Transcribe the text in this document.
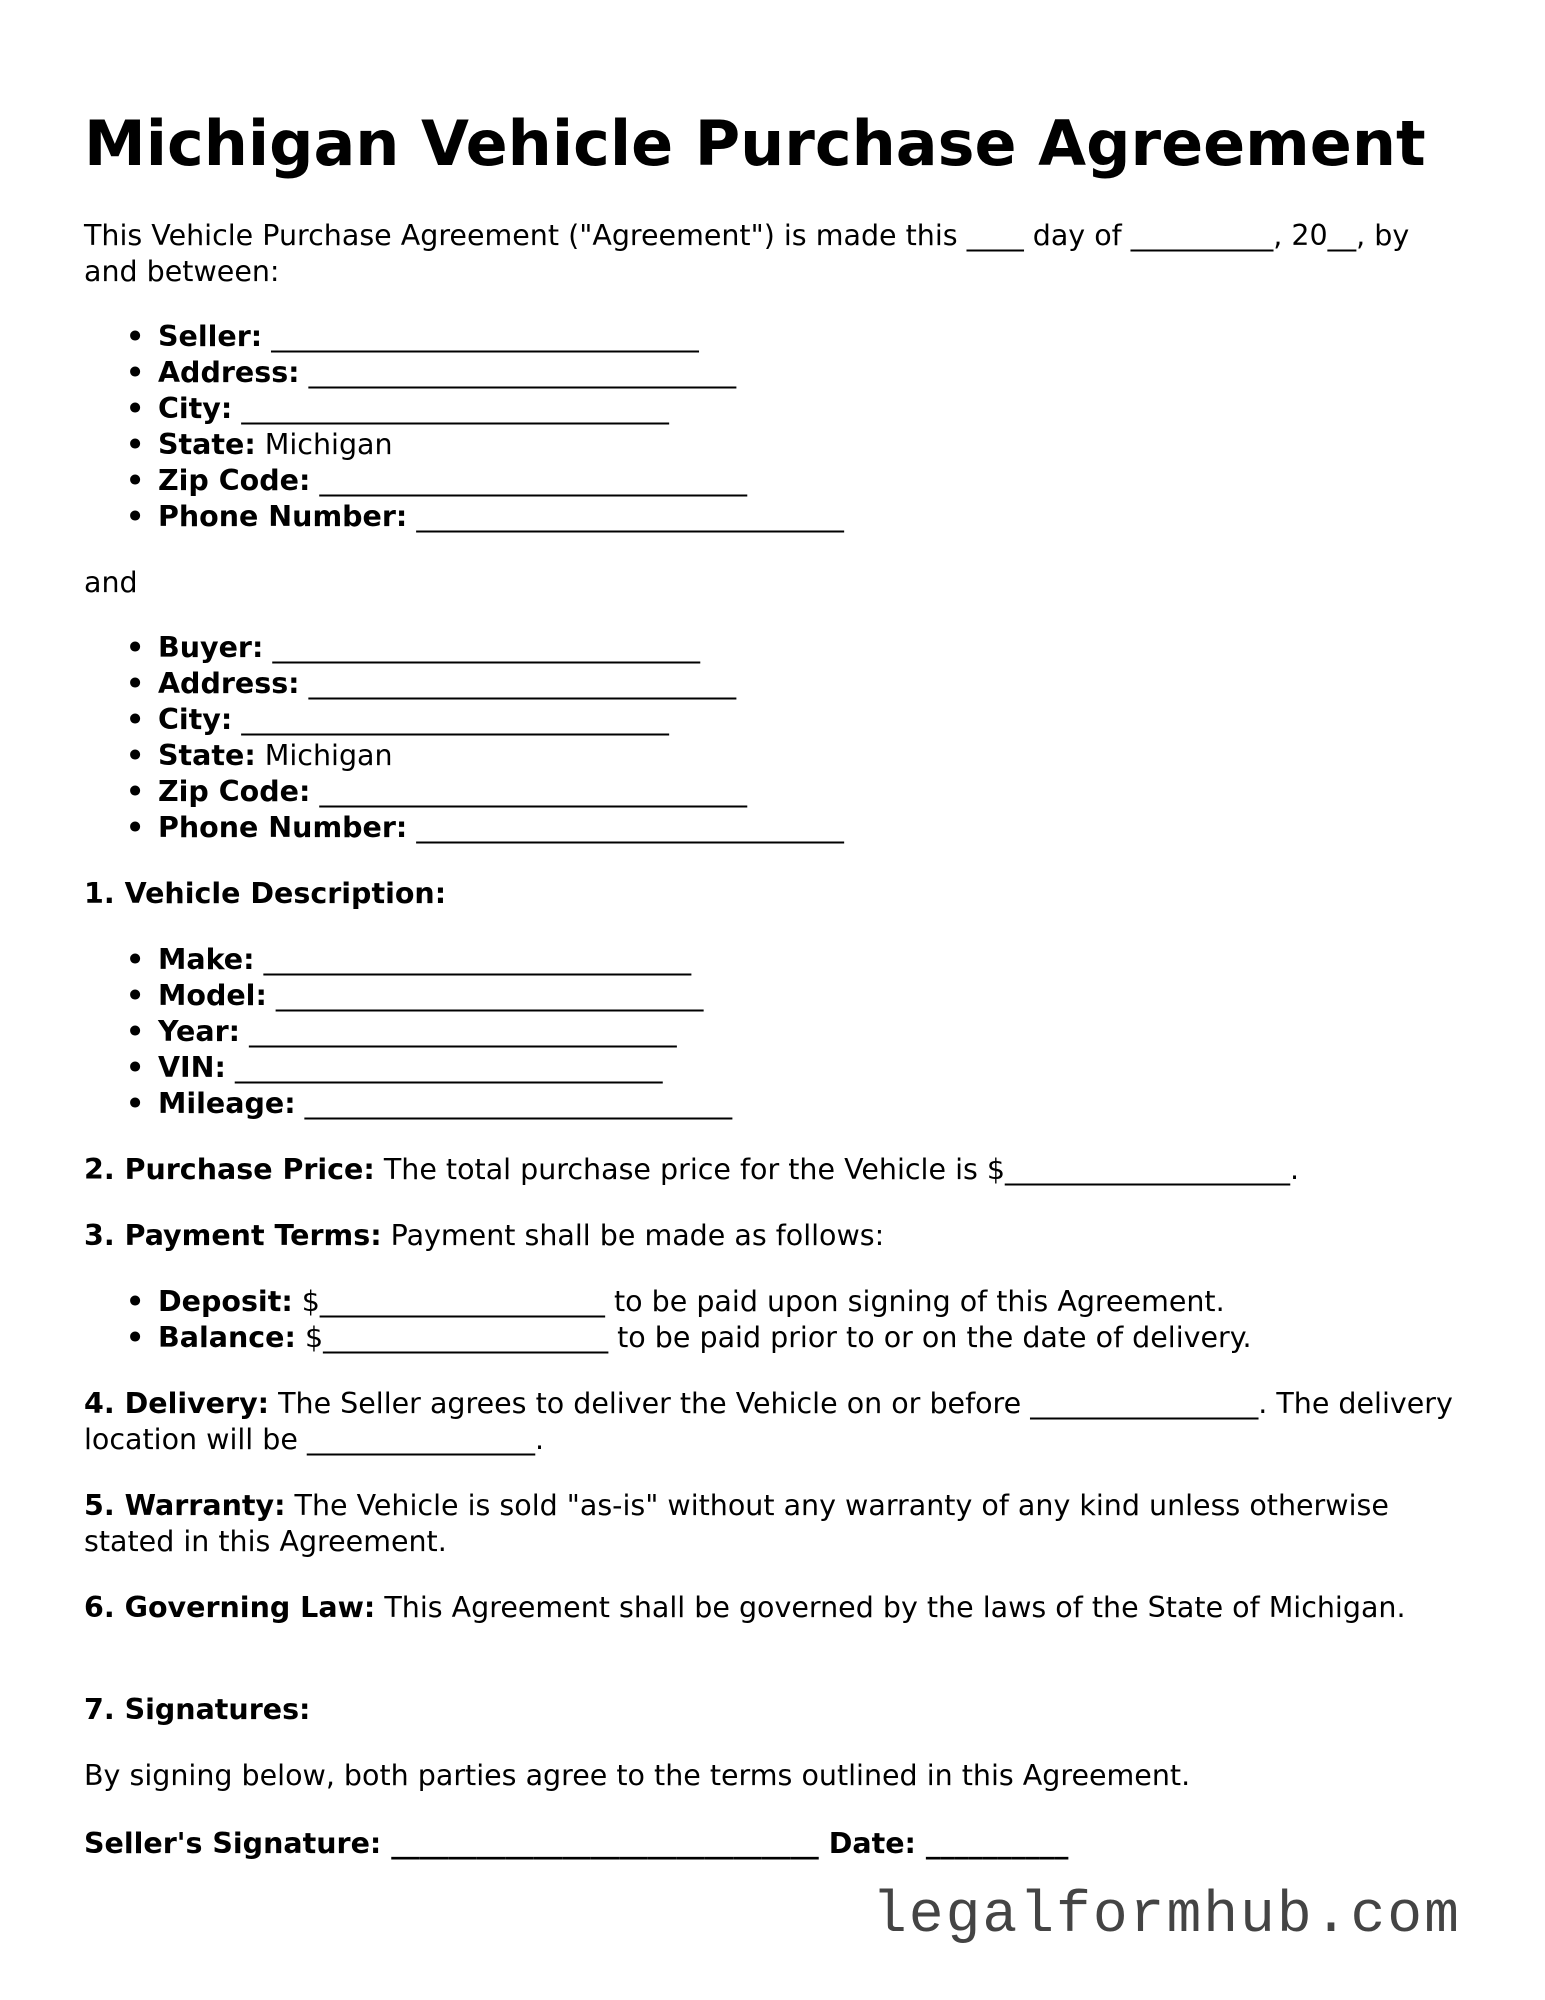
Michigan Vehicle Purchase Agreement

This Vehicle Purchase Agreement ("Agreement") is made this ____ day of __________, 20__, by and between:

• Seller: ______________________________
• Address: ______________________________
• City: ______________________________
• State: Michigan
• Zip Code: ______________________________
• Phone Number: ______________________________

and

• Buyer: ______________________________
• Address: ______________________________
• City: ______________________________
• State: Michigan
• Zip Code: ______________________________
• Phone Number: ______________________________

1. Vehicle Description:

• Make: ______________________________
• Model: ______________________________
• Year: ______________________________
• VIN: ______________________________
• Mileage: ______________________________

2. Purchase Price: The total purchase price for the Vehicle is $____________________.

3. Payment Terms: Payment shall be made as follows:

• Deposit: $____________________ to be paid upon signing of this Agreement.
• Balance: $____________________ to be paid prior to or on the date of delivery.

4. Delivery: The Seller agrees to deliver the Vehicle on or before ________________. The delivery location will be ________________.

5. Warranty: The Vehicle is sold "as-is" without any warranty of any kind unless otherwise stated in this Agreement.

6. Governing Law: This Agreement shall be governed by the laws of the State of Michigan.

7. Signatures:

By signing below, both parties agree to the terms outlined in this Agreement.

Seller's Signature: ______________________________ Date: __________

legalformhub.com
